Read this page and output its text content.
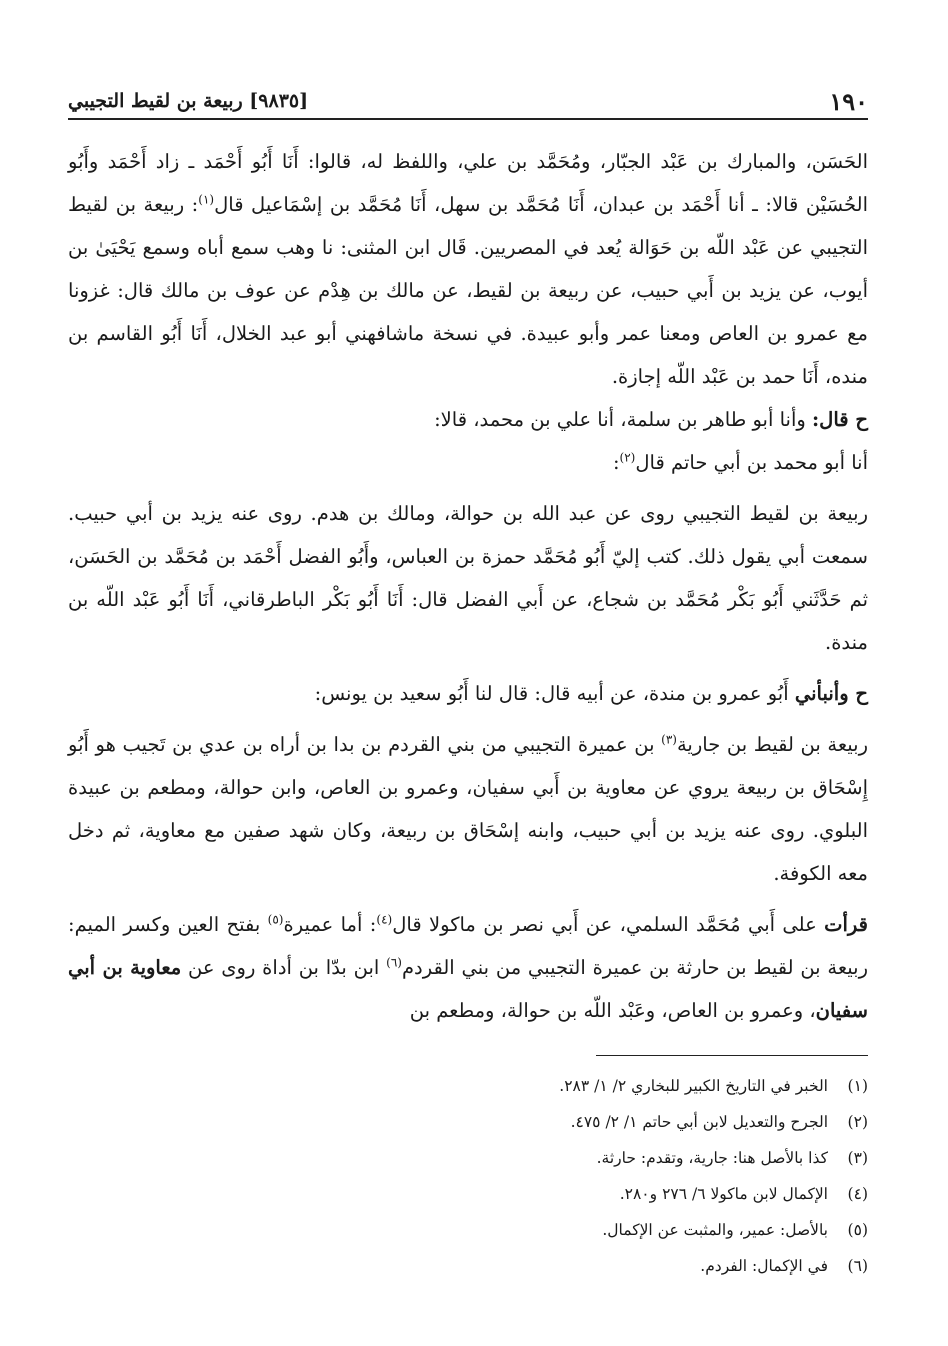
١٩٠
[٩٨٣٥] ربيعة بن لقيط التجيبي

الحَسَن، والمبارك بن عَبْد الجبّار، ومُحَمَّد بن علي، واللفظ له، قالوا: أَنَا أَبُو أَحْمَد ـ زاد أَحْمَد وأَبُو الحُسَيْن قالا: ـ أنا أَحْمَد بن عبدان، أَنَا مُحَمَّد بن سهل، أَنَا مُحَمَّد بن إسْمَاعيل قال$^{(١)}$: ربيعة بن لقيط التجيبي عن عَبْد اللّه بن حَوَالة يُعد في المصريين. قَال ابن المثنى: نا وهب سمع أباه وسمع يَحْيَىٰ بن أيوب، عن يزيد بن أَبي حبيب، عن ربيعة بن لقيط، عن مالك بن هِدْم عن عوف بن مالك قال: غزونا مع عمرو بن العاص ومعنا عمر وأبو عبيدة. في نسخة ماشافهني أبو عبد الخلال، أَنَا أَبُو القاسم بن منده، أَنَا حمد بن عَبْد اللّه إجازة.

ح قال: وأنا أبو طاهر بن سلمة، أنا علي بن محمد، قالا:

أنا أبو محمد بن أبي حاتم قال$^{(٢)}$:

ربيعة بن لقيط التجيبي روى عن عبد الله بن حوالة، ومالك بن هدم. روى عنه يزيد بن أبي حبيب. سمعت أبي يقول ذلك. كتب إليّ أَبُو مُحَمَّد حمزة بن العباس، وأَبُو الفضل أَحْمَد بن مُحَمَّد بن الحَسَن، ثم حَدَّثَني أَبُو بَكْر مُحَمَّد بن شجاع، عن أَبي الفضل قال: أَنَا أَبُو بَكْر الباطرقاني، أَنَا أَبُو عَبْد اللّه بن مندة.

ح وأنبأني أَبُو عمرو بن مندة، عن أبيه قال: قال لنا أَبُو سعيد بن يونس:

ربيعة بن لقيط بن جارية$^{(٣)}$ بن عميرة التجيبي من بني القردم بن بدا بن أراه بن عدي بن تَجيب هو أَبُو إِسْحَاق بن ربيعة يروي عن معاوية بن أَبي سفيان، وعمرو بن العاص، وابن حوالة، ومطعم بن عبيدة البلوي. روى عنه يزيد بن أبي حبيب، وابنه إسْحَاق بن ربيعة، وكان شهد صفين مع معاوية، ثم دخل معه الكوفة.

قرأت على أَبي مُحَمَّد السلمي، عن أَبي نصر بن ماكولا قال$^{(٤)}$: أما عميرة$^{(٥)}$ بفتح العين وكسر الميم: ربيعة بن لقيط بن حارثة بن عميرة التجيبي من بني القردم$^{(٦)}$ ابن بدّا بن أداة روى عن معاوية بن أبي سفيان، وعمرو بن العاص، وعَبْد اللّه بن حوالة، ومطعم بن

(١)الخبر في التاريخ الكبير للبخاري ٢/ ١/ ٢٨٣.
(٢)الجرح والتعديل لابن أبي حاتم ١/ ٢/ ٤٧٥.
(٣)كذا بالأصل هنا: جارية، وتقدم: حارثة.
(٤)الإكمال لابن ماكولا ٦/ ٢٧٦ و٢٨٠.
(٥)بالأصل: عمير، والمثبت عن الإكمال.
(٦)في الإكمال: الفردم.
